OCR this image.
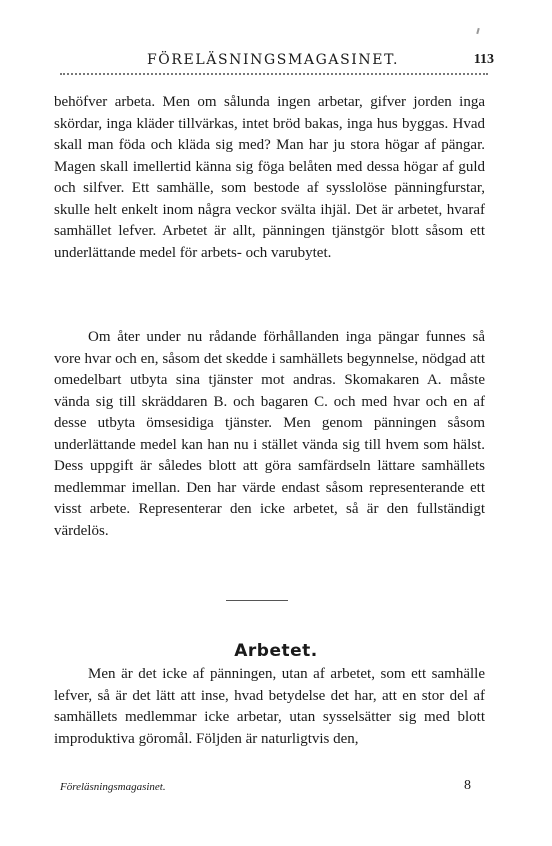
FÖRELÄSNINGSMAGASINET.	113

behöfver arbeta. Men om sålunda ingen arbetar, gifver jorden inga skördar, inga kläder tillvärkas, intet bröd bakas, inga hus byggas. Hvad skall man föda och kläda sig med? Man har ju stora högar af pängar. Magen skall imellertid känna sig föga belåten med dessa högar af guld och silfver. Ett samhälle, som bestode af sysslolöse pänningfurstar, skulle helt enkelt inom några veckor svälta ihjäl. Det är arbetet, hvaraf samhället lefver. Arbetet är allt, pänningen tjänstgör blott såsom ett underlättande medel för arbets- och varubytet.

Om åter under nu rådande förhållanden inga pängar funnes så vore hvar och en, såsom det skedde i samhällets begynnelse, nödgad att omedelbart utbyta sina tjänster mot andras. Skomakaren A. måste vända sig till skräddaren B. och bagaren C. och med hvar och en af desse utbyta ömsesidiga tjänster. Men genom pänningen såsom underlättande medel kan han nu i stället vända sig till hvem som hälst. Dess uppgift är således blott att göra samfärdseln lättare samhällets medlemmar imellan. Den har värde endast såsom representerande ett visst arbete. Representerar den icke arbetet, så är den fullständigt värdelös.

Arbetet.

Men är det icke af pänningen, utan af arbetet, som ett samhälle lefver, så är det lätt att inse, hvad betydelse det har, att en stor del af samhällets medlemmar icke arbetar, utan sysselsätter sig med blott improduktiva göromål. Följden är naturligtvis den,

Föreläsningsmagasinet.	8
